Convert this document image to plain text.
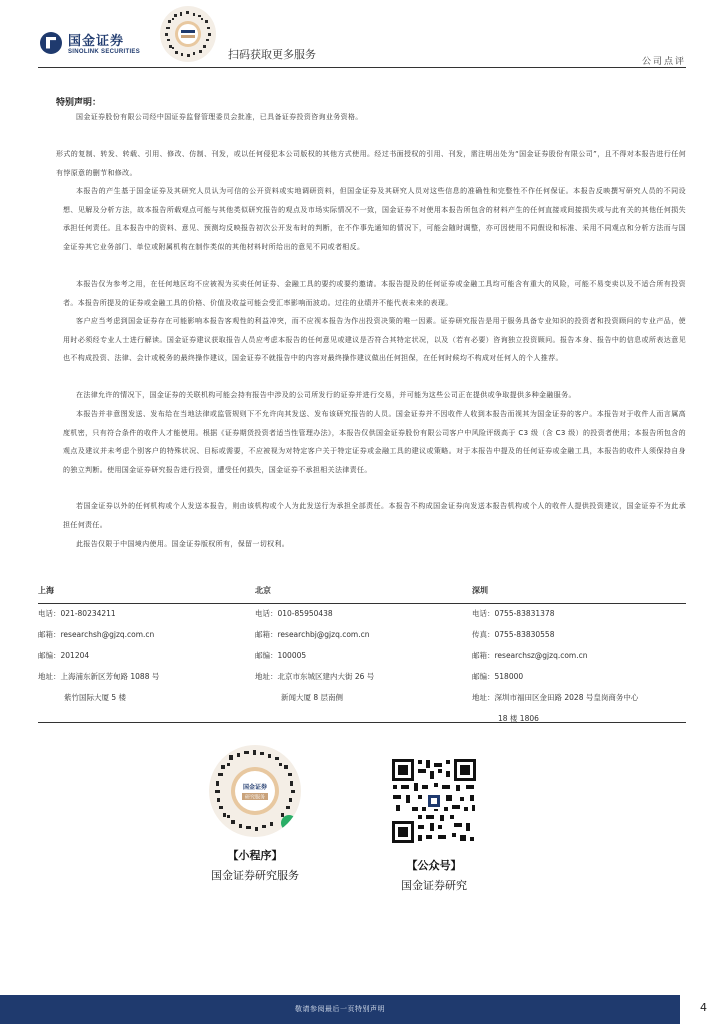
国金证券
SINOLINK SECURITIES	扫码获取更多服务
公司点评
特别声明：

国金证券股份有限公司经中国证券监督管理委员会批准，已具备证券投资咨询业务资格。

形式的复制、转发、转载、引用、修改、仿制、刊发，或以任何侵犯本公司版权的其他方式使用。经过书面授权的引用、刊发，需注明出处为“国金证券股份有限公司”，且不得对本报告进行任何有悖原意的删节和修改。

本报告的产生基于国金证券及其研究人员认为可信的公开资料或实地调研资料，但国金证券及其研究人员对这些信息的准确性和完整性不作任何保证。本报告反映撰写研究人员的不同设想、见解及分析方法，故本报告所载观点可能与其他类似研究报告的观点及市场实际情况不一致，国金证券不对使用本报告所包含的材料产生的任何直接或间接损失或与此有关的其他任何损失承担任何责任。且本报告中的资料、意见、预测均反映报告初次公开发布时的判断，在不作事先通知的情况下，可能会随时调整，亦可因使用不同假设和标准、采用不同观点和分析方法而与国金证券其它业务部门、单位或附属机构在制作类似的其他材料时所给出的意见不同或者相反。

本报告仅为参考之用，在任何地区均不应被视为买卖任何证券、金融工具的要约或要约邀请。本报告提及的任何证券或金融工具均可能含有重大的风险，可能不易变卖以及不适合所有投资者。本报告所提及的证券或金融工具的价格、价值及收益可能会受汇率影响而波动。过往的业绩并不能代表未来的表现。

客户应当考虑到国金证券存在可能影响本报告客观性的利益冲突，而不应视本报告为作出投资决策的唯一因素。证券研究报告是用于服务具备专业知识的投资者和投资顾问的专业产品，使用时必须经专业人士进行解读。国金证券建议获取报告人员应考虑本报告的任何意见或建议是否符合其特定状况，以及（若有必要）咨询独立投资顾问。报告本身、报告中的信息或所表达意见也不构成投资、法律、会计或税务的最终操作建议，国金证券不就报告中的内容对最终操作建议做出任何担保，在任何时候均不构成对任何人的个人推荐。

在法律允许的情况下，国金证券的关联机构可能会持有报告中涉及的公司所发行的证券并进行交易，并可能为这些公司正在提供或争取提供多种金融服务。

本报告并非意图发送、发布给在当地法律或监管规则下不允许向其发送、发布该研究报告的人员。国金证券并不因收件人收到本报告而视其为国金证券的客户。本报告对于收件人而言属高度机密，只有符合条件的收件人才能使用。根据《证券期货投资者适当性管理办法》，本报告仅供国金证券股份有限公司客户中风险评级高于 C3 级（含 C3 级）的投资者使用；本报告所包含的观点及建议并未考虑个别客户的特殊状况、目标或需要，不应被视为对特定客户关于特定证券或金融工具的建议或策略。对于本报告中提及的任何证券或金融工具，本报告的收件人须保持自身的独立判断。使用国金证券研究报告进行投资，遭受任何损失，国金证券不承担相关法律责任。

若国金证券以外的任何机构或个人发送本报告，则由该机构或个人为此发送行为承担全部责任。本报告不构成国金证券向发送本报告机构或个人的收件人提供投资建议，国金证券不为此承担任何责任。

此报告仅限于中国境内使用。国金证券版权所有，保留一切权利。

上海
电话：021-80234211
邮箱：researchsh@gjzq.com.cn
邮编：201204
地址：上海浦东新区芳甸路 1088 号
紫竹国际大厦 5 楼
北京
电话：010-85950438
邮箱：researchbj@gjzq.com.cn
邮编：100005
地址：北京市东城区建内大街 26 号
新闻大厦 8 层南侧
深圳
电话：0755-83831378
传真：0755-83830558
邮箱：researchsz@gjzq.com.cn
邮编：518000
地址：深圳市福田区金田路 2028 号皇岗商务中心
18 楼 1806
国金证券
研究服务
【小程序】
国金证券研究服务
【公众号】
国金证券研究
敬请参阅最后一页特别声明	4
